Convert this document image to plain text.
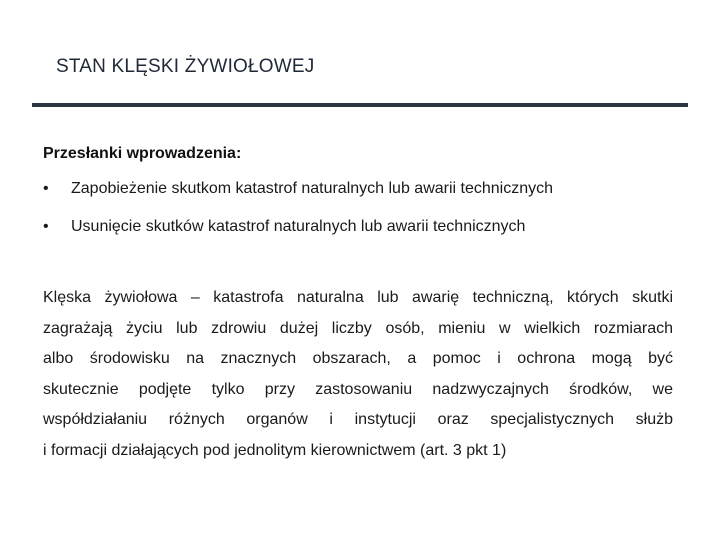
STAN KLĘSKI ŻYWIOŁOWEJ
Przesłanki wprowadzenia:
•	Zapobieżenie skutkom katastrof naturalnych lub awarii technicznych
•	Usunięcie skutków katastrof naturalnych lub awarii technicznych
Klęska żywiołowa – katastrofa naturalna lub awarię techniczną, których skutki
zagrażają życiu lub zdrowiu dużej liczby osób, mieniu w wielkich rozmiarach
albo środowisku na znacznych obszarach, a pomoc i ochrona mogą być
skutecznie podjęte tylko przy zastosowaniu nadzwyczajnych środków, we
współdziałaniu różnych organów i instytucji oraz specjalistycznych służb
i formacji działających pod jednolitym kierownictwem (art. 3 pkt 1)
